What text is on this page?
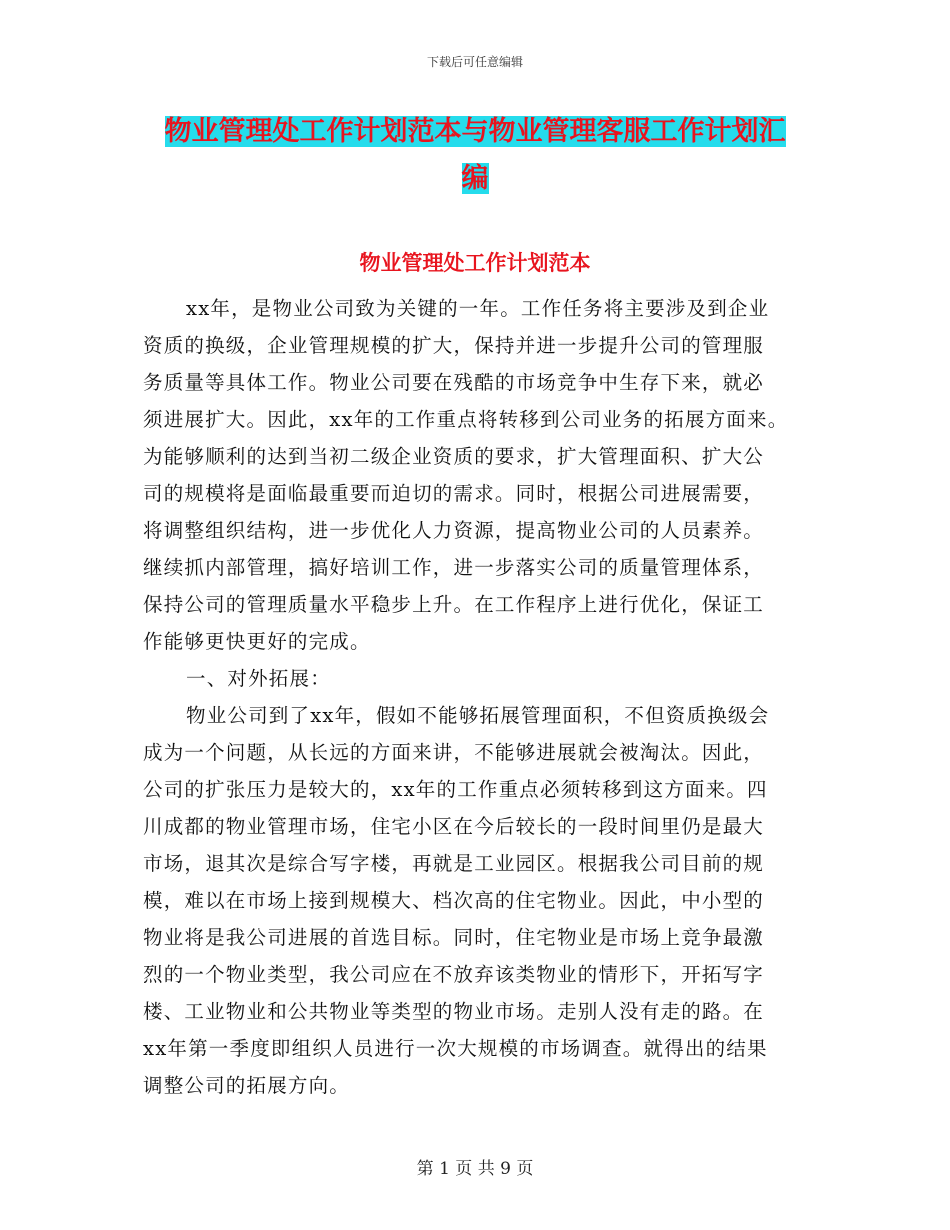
下载后可任意编辑
物业管理处工作计划范本与物业管理客服工作计划汇
编
物业管理处工作计划范本
xx年，是物业公司致为关键的一年。工作任务将主要涉及到企业
资质的换级，企业管理规模的扩大，保持并进一步提升公司的管理服
务质量等具体工作。物业公司要在残酷的市场竞争中生存下来，就必
须进展扩大。因此，xx年的工作重点将转移到公司业务的拓展方面来。
为能够顺利的达到当初二级企业资质的要求，扩大管理面积、扩大公
司的规模将是面临最重要而迫切的需求。同时，根据公司进展需要，
将调整组织结构，进一步优化人力资源，提高物业公司的人员素养。
继续抓内部管理，搞好培训工作，进一步落实公司的质量管理体系，
保持公司的管理质量水平稳步上升。在工作程序上进行优化，保证工
作能够更快更好的完成。
一、对外拓展：
物业公司到了xx年，假如不能够拓展管理面积，不但资质换级会
成为一个问题，从长远的方面来讲，不能够进展就会被淘汰。因此，
公司的扩张压力是较大的，xx年的工作重点必须转移到这方面来。四
川成都的物业管理市场，住宅小区在今后较长的一段时间里仍是最大
市场，退其次是综合写字楼，再就是工业园区。根据我公司目前的规
模，难以在市场上接到规模大、档次高的住宅物业。因此，中小型的
物业将是我公司进展的首选目标。同时，住宅物业是市场上竞争最激
烈的一个物业类型，我公司应在不放弃该类物业的情形下，开拓写字
楼、工业物业和公共物业等类型的物业市场。走别人没有走的路。在
xx年第一季度即组织人员进行一次大规模的市场调查。就得出的结果
调整公司的拓展方向。
第 1 页 共 9 页
